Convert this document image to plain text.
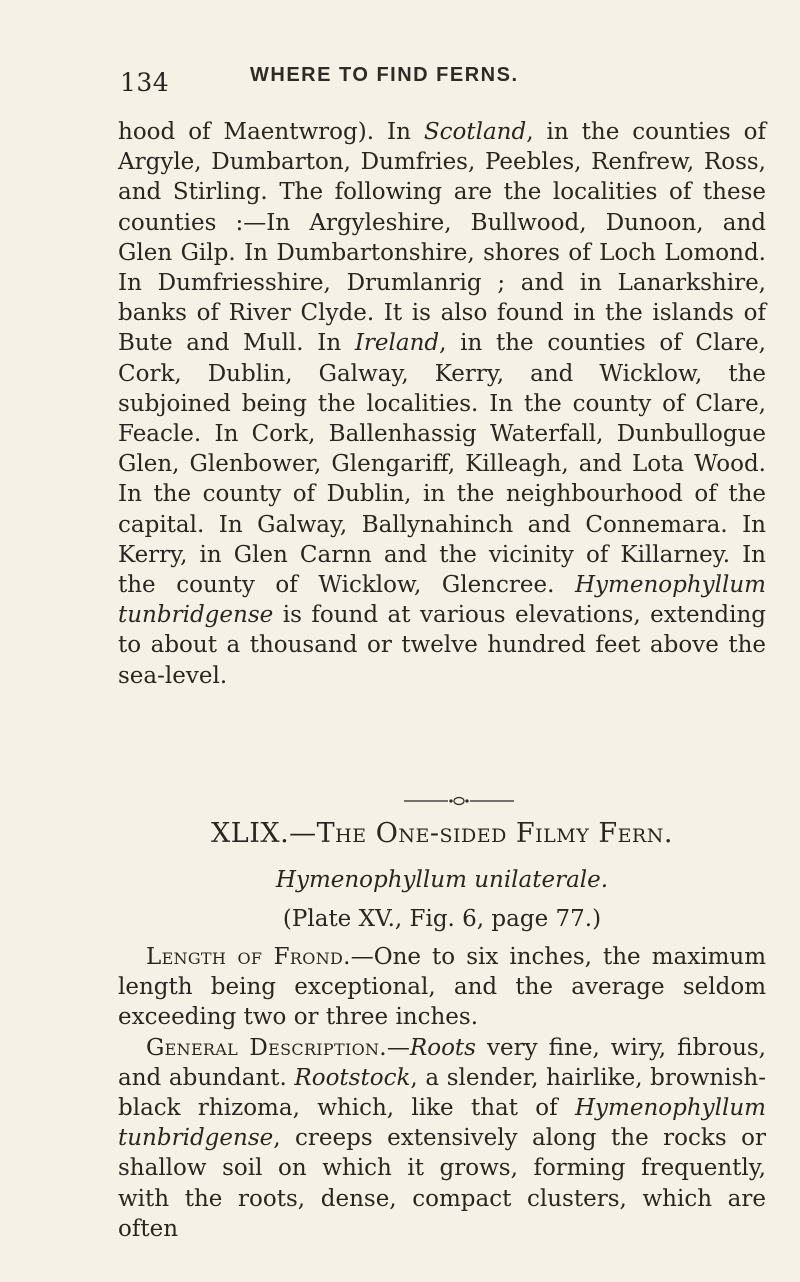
134	WHERE TO FIND FERNS.

hood of Maentwrog). In Scotland, in the counties of Argyle, Dumbarton, Dumfries, Peebles, Renfrew, Ross, and Stirling. The following are the localities of these counties :—In Argyleshire, Bullwood, Dunoon, and Glen Gilp. In Dumbartonshire, shores of Loch Lomond. In Dumfriesshire, Drumlanrig ; and in Lanarkshire, banks of River Clyde. It is also found in the islands of Bute and Mull. In Ireland, in the counties of Clare, Cork, Dublin, Galway, Kerry, and Wicklow, the subjoined being the localities. In the county of Clare, Feacle. In Cork, Ballenhassig Waterfall, Dunbullogue Glen, Glenbower, Glengariff, Killeagh, and Lota Wood. In the county of Dublin, in the neighbourhood of the capital. In Galway, Ballynahinch and Connemara. In Kerry, in Glen Carnn and the vicinity of Killarney. In the county of Wicklow, Glencree. Hymenophyllum tunbridgense is found at various elevations, extending to about a thousand or twelve hundred feet above the sea-level.

XLIX.—The One-sided Filmy Fern.
Hymenophyllum unilaterale.
(Plate XV., Fig. 6, page 77.)

Length of Frond.—One to six inches, the maximum length being exceptional, and the average seldom exceeding two or three inches.

General Description.—Roots very fine, wiry, fibrous, and abundant. Rootstock, a slender, hairlike, brownish-black rhizoma, which, like that of Hymenophyllum tunbridgense, creeps extensively along the rocks or shallow soil on which it grows, forming frequently, with the roots, dense, compact clusters, which are often
